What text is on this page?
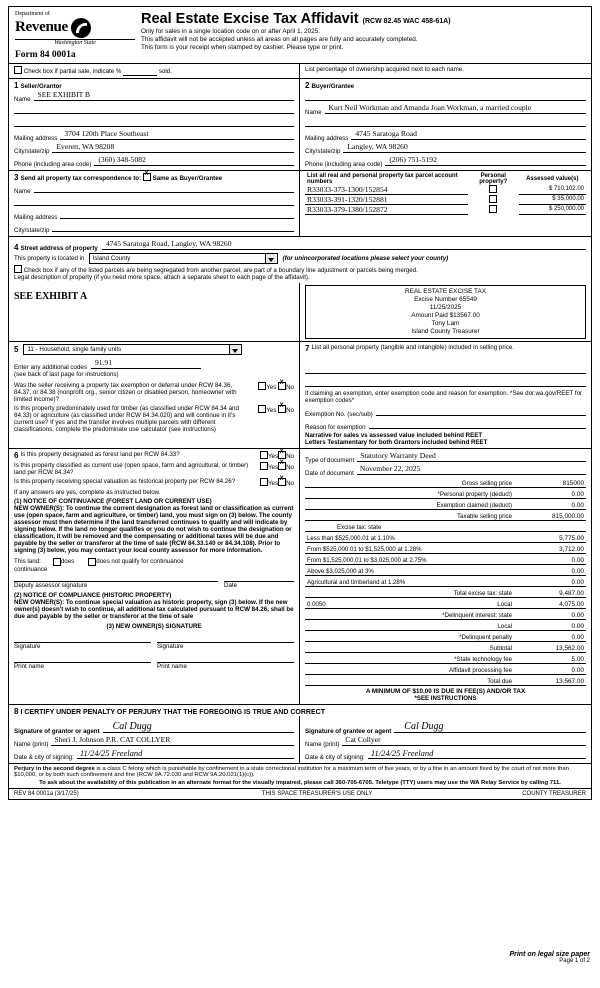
Department of
Revenue
Washington State
Form 84 0001a
Real Estate Excise Tax Affidavit (RCW 82.45 WAC 458-61A)
Only for sales in a single location code on or after April 1, 2025.
This affidavit will not be accepted unless all areas on all pages are fully and accurately completed.
This form is your receipt when stamped by cashier. Please type or print.
Check box if partial sale, indicate %	sold.	List percentage of ownership acquired next to each name.
1 Seller/Grantor
Name
SEE EXHIBIT B
Mailing address
3704 120th Place Southeast
City/state/zip
Everett, WA 98208
Phone (including area code)
(360) 348-5082
2 Buyer/Grantee
Name
Kurt Neil Workman and Amanda Joan Workman, a married couple
Mailing address
4745 Saratoga Road
City/state/zip
Langley, WA 98260
Phone (including area code)
(206) 751-5192
3 Send all property tax correspondence to: X Same as Buyer/Grantee
Name
Mailing address
City/state/zip
List all real and personal property tax parcel account numbers	Personal property?	Assessed value(s)
R33033-373-1300/152854		$ 710,102.00
R33033-391-1320/152881		$ 35,000.00
R33033-379-1380/152872		$ 250,000.00
4 Street address of property
4745 Saratoga Road, Langley, WA 98260
This property is located in	Island County	(for unincorporated locations please select your county)
Check box if any of the listed parcels are being segregated from another parcel, are part of a boundary line adjustment or parcels being merged.
Legal description of property (if you need more space, attach a separate sheet to each page of the affidavit).
SEE EXHIBIT A	REAL ESTATE EXCISE TAX
Excise Number 65549
11/25/2025
Amount Paid $13567.00
Tony Lam
Island County Treasurer
5	11 - Household, single family units
Enter any additional codes
91.91
(see back of last page for instructions)
Was the seller receiving a property tax exemption or deferral under RCW 84.36, 84.37, or 84.38 (nonprofit org., senior citizen or disabled person, homeowner with limited income)?
Yes X No
Is this property predominately used for timber (as classified under RCW 84.34 and 84.33) or agriculture (as classified under RCW 84.34.020) and will continue in it's current use? If yes and the transfer involves multiple parcels with different classifications, complete the predominate use calculator (see instructions)
Yes X No
7 List all personal property (tangible and intangible) included in selling price.
If claiming an exemption, enter exemption code and reason for exemption. *See dor.wa.gov/REET for exemption codes*
Exemption No. (sec/sub)
Reason for exemption
Narrative for sales vs assessed value included behind REET
Letters Testamentary for both Grantors included behind REET
6 Is this property designated as forest land per RCW 84.33?	Yes X No
Is this property classified as current use (open space, farm and agricultural, or timber) land per RCW 84.34?
Yes X No
Is this property receiving special valuation as historical property per RCW 84.26?	Yes X No
If any answers are yes, complete as instructed below.
(1) NOTICE OF CONTINUANCE (FOREST LAND OR CURRENT USE)
NEW OWNER(S): To continue the current designation as forest land or classification as current use (open space, farm and agriculture, or timber) land, you must sign on (3) below. The county assessor must then determine if the land transferred continues to qualify and will indicate by signing below. If the land no longer qualifies or you do not wish to continue the designation or classification, it will be removed and the compensating or additional taxes will be due and payable by the seller or transferor at the time of sale (RCW 84.33.140 or 84.34.108). Prior to signing (3) below, you may contact your local county assessor for more information.
This land:	does	does not qualify for continuance
continuance
Deputy assessor signature	Date
(2) NOTICE OF COMPLIANCE (HISTORIC PROPERTY)
NEW OWNER(S): To continue special valuation as historic property, sign (3) below. If the new owner(s) doesn't wish to continue, all additional tax calculated pursuant to RCW 84.26, shall be due and payable by the seller or transferor at the time of sale
(3) NEW OWNER(S) SIGNATURE
Signature	Signature
Print name	Print name
Type of document
Statutory Warranty Deed
Date of document
November 22, 2025
Gross selling price	815000
*Personal property (deduct)	0.00
Exemption claimed (deduct)	0.00
Taxable selling price	815,000.00
Excise tax: state
Less than $525,000.01 at 1.10%	5,775.00
From $525,000.01 to $1,525,000 at 1.28%	3,712.00
From $1,525,000.01 to $3,025,000 at 2.75%	0.00
Above $3,025,000 at 3%	0.00
Agricultural and timberland at 1.28%	0.00
Total excise tax: state	9,487.00
0.0050	Local	4,075.00
*Delinquent interest: state	0.00
Local	0.00
*Delinquent penalty	0.00
Subtotal	13,562.00
*State technology fee	5.00
Affidavit processing fee	0.00
Total due	13,567.00
A MINIMUM OF $10.00 IS DUE IN FEE(S) AND/OR TAX
*SEE INSTRUCTIONS
8 I CERTIFY UNDER PENALTY OF PERJURY THAT THE FOREGOING IS TRUE AND CORRECT
Signature of grantor or agent Cal Dugg
Name (print)
Sheri J. Johnson P.R. CAT COLLYER
Date & city of signing: 11/24/25 Freeland
Signature of grantee or agent Cal Dugg
Name (print)
Cat Collyer
Date & city of signing: 11/24/25 Freeland
Perjury in the second degree is a class C felony which is punishable by confinement in a state correctional institution for a maximum term of five years, or by a fine in an amount fixed by the court of not more than $10,000, or by both such confinement and fine (RCW 9A.72.030 and RCW 9A.20.021(1)(c)).
To ask about the availability of this publication in an alternate format for the visually impaired, please call 360-705-6705. Teletype (TTY) users may use the WA Relay Service by calling 711.
REV 84 0001a (3/17/25)	THIS SPACE TREASURER'S USE ONLY	COUNTY TREASURER
Print on legal size paper
Page 1 of 2
